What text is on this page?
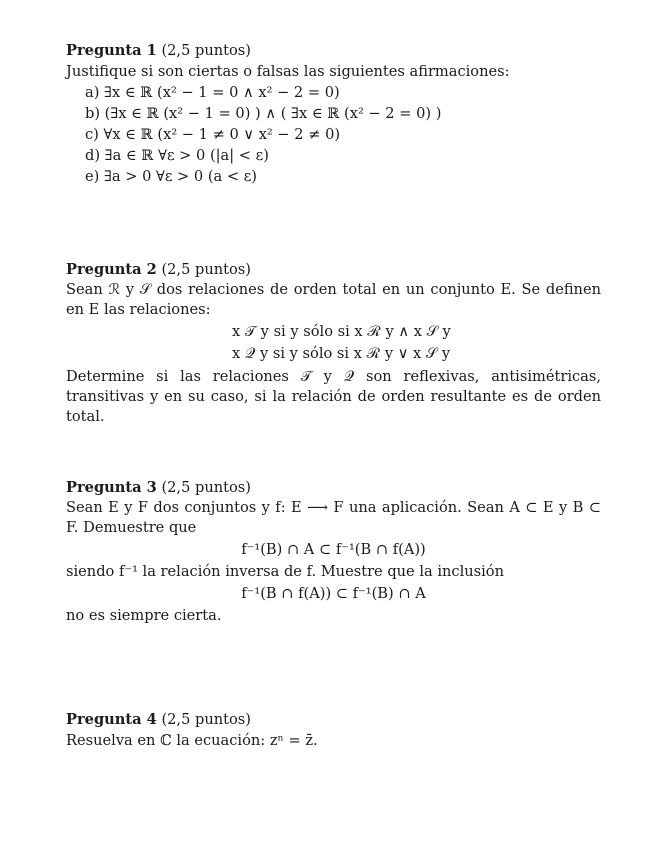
Pregunta 1 (2,5 puntos)
Justifique si son ciertas o falsas las siguientes afirmaciones:
a) ∃x ∈ ℝ (x² − 1 = 0 ∧ x² − 2 = 0)
b) (∃x ∈ ℝ (x² − 1 = 0) ) ∧ ( ∃x ∈ ℝ (x² − 2 = 0) )
c) ∀x ∈ ℝ (x² − 1 ≠ 0 ∨ x² − 2 ≠ 0)
d) ∃a ∈ ℝ ∀ε > 0 (|a| < ε)
e) ∃a > 0 ∀ε > 0 (a < ε)
Pregunta 2 (2,5 puntos)
Sean ℛ y 𝒮 dos relaciones de orden total en un conjunto E. Se definen en E las relaciones:
x 𝒯 y si y sólo si x ℛ y ∧ x 𝒮 y
x 𝒬 y si y sólo si x ℛ y ∨ x 𝒮 y
Determine si las relaciones 𝒯 y 𝒬 son reflexivas, antisimétricas, transitivas y en su caso, si la relación de orden resultante es de orden total.
Pregunta 3 (2,5 puntos)
Sean E y F dos conjuntos y f: E ⟶ F una aplicación. Sean A ⊂ E y B ⊂ F. Demuestre que
f⁻¹(B) ∩ A ⊂ f⁻¹(B ∩ f(A))
siendo f⁻¹ la relación inversa de f. Muestre que la inclusión
f⁻¹(B ∩ f(A)) ⊂ f⁻¹(B) ∩ A
no es siempre cierta.
Pregunta 4 (2,5 puntos)
Resuelva en ℂ la ecuación: zⁿ = z̄.
